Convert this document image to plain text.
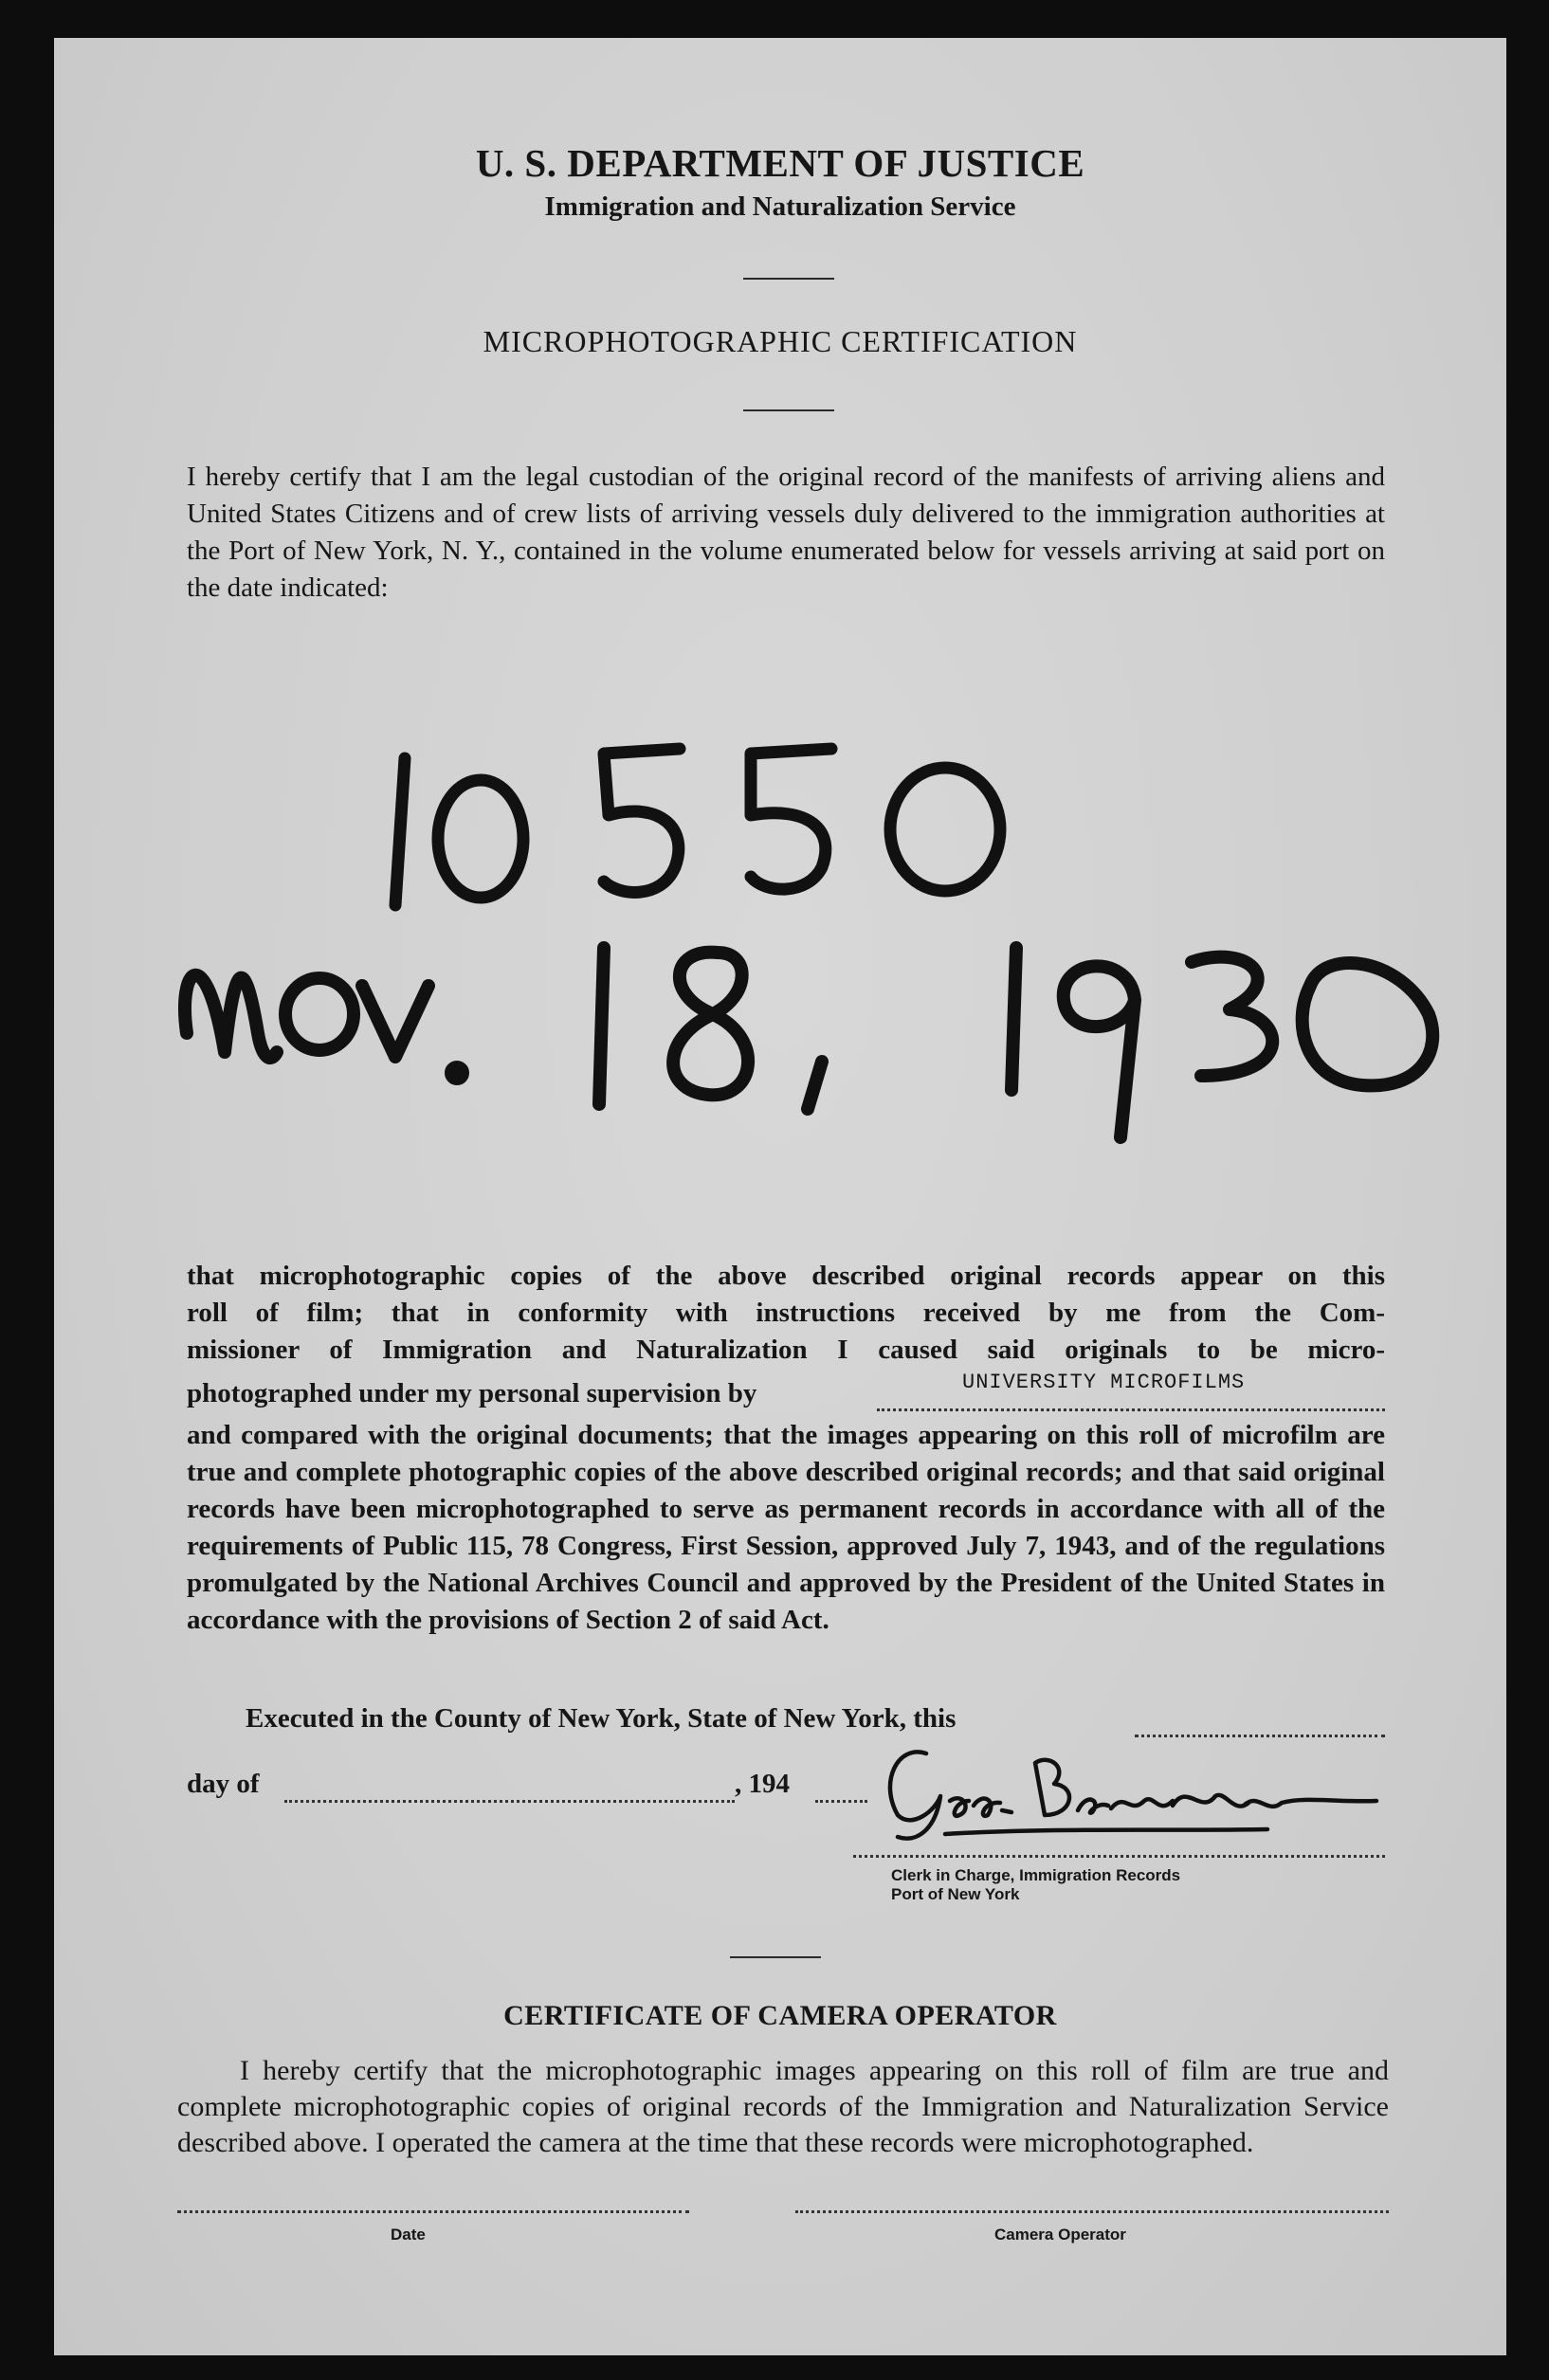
U. S. DEPARTMENT OF JUSTICE
Immigration and Naturalization Service
MICROPHOTOGRAPHIC CERTIFICATION
I hereby certify that I am the legal custodian of the original record of the manifests of arriving aliens and United States Citizens and of crew lists of arriving vessels duly delivered to the immigration authorities at the Port of New York, N. Y., contained in the volume enumerated below for vessels arriving at said port on the date indicated:
that microphotographic copies of the above described original records appear on this
roll of film; that in conformity with instructions received by me from the Com-
missioner of Immigration and Naturalization I caused said originals to be micro-
photographed under my personal supervision by	UNIVERSITY MICROFILMS
and compared with the original documents; that the images appearing on this roll of microfilm are true and complete photographic copies of the above described original records; and that said original records have been microphotographed to serve as permanent records in accordance with all of the requirements of Public 115, 78 Congress, First Session, approved July 7, 1943, and of the regulations promulgated by the National Archives Council and approved by the President of the United States in accordance with the provisions of Section 2 of said Act.
Executed in the County of New York, State of New York, this
day of	, 194
Clerk in Charge, Immigration Records
Port of New York
CERTIFICATE OF CAMERA OPERATOR
I hereby certify that the microphotographic images appearing on this roll of film are true and complete microphotographic copies of original records of the Immigration and Naturalization Service described above. I operated the camera at the time that these records were microphotographed.
Date	Camera Operator
